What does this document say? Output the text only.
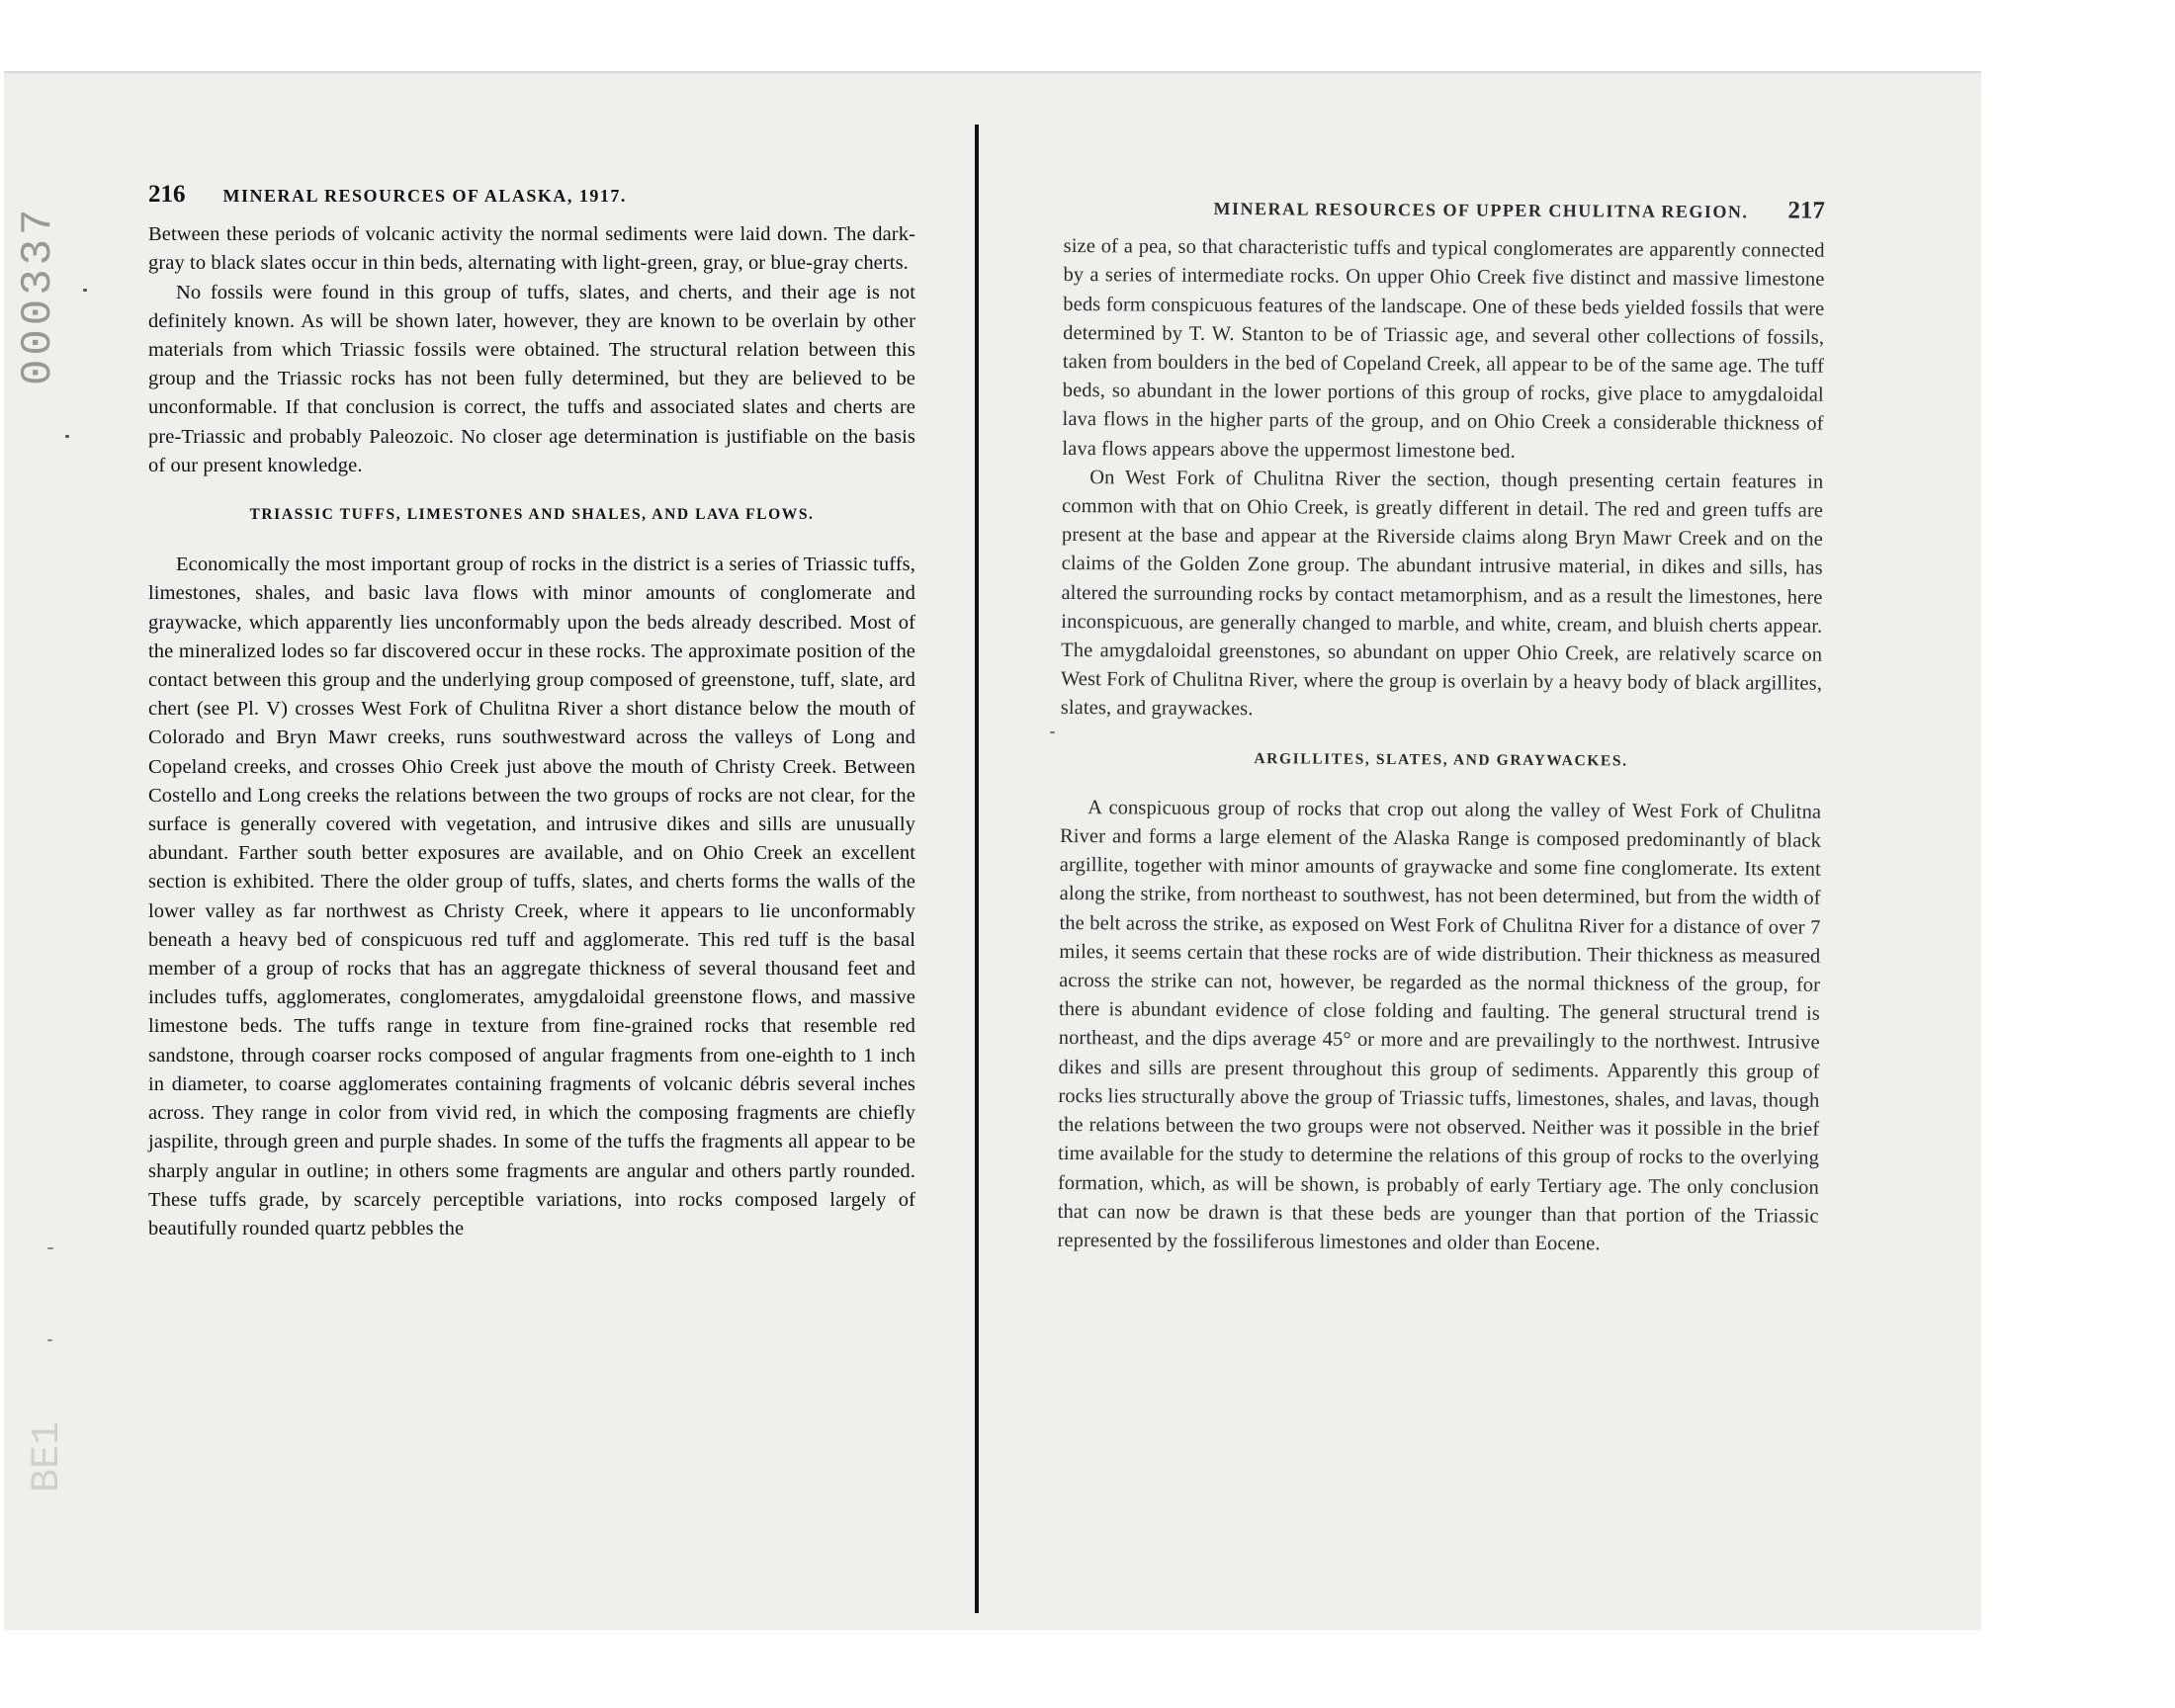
000337
BE1
216 MINERAL RESOURCES OF ALASKA, 1917.

Between these periods of volcanic activity the normal sediments were laid down. The dark-gray to black slates occur in thin beds, alternating with light-green, gray, or blue-gray cherts.

No fossils were found in this group of tuffs, slates, and cherts, and their age is not definitely known. As will be shown later, however, they are known to be overlain by other materials from which Triassic fossils were obtained. The structural relation between this group and the Triassic rocks has not been fully determined, but they are believed to be unconformable. If that conclusion is correct, the tuffs and associated slates and cherts are pre-Triassic and probably Paleozoic. No closer age determination is justifiable on the basis of our present knowledge.

TRIASSIC TUFFS, LIMESTONES AND SHALES, AND LAVA FLOWS.

Economically the most important group of rocks in the district is a series of Triassic tuffs, limestones, shales, and basic lava flows with minor amounts of conglomerate and graywacke, which apparently lies unconformably upon the beds already described. Most of the mineralized lodes so far discovered occur in these rocks. The approximate position of the contact between this group and the underlying group composed of greenstone, tuff, slate, ard chert (see Pl. V) crosses West Fork of Chulitna River a short distance below the mouth of Colorado and Bryn Mawr creeks, runs southwestward across the valleys of Long and Copeland creeks, and crosses Ohio Creek just above the mouth of Christy Creek. Between Costello and Long creeks the relations between the two groups of rocks are not clear, for the surface is generally covered with vegetation, and intrusive dikes and sills are unusually abundant. Farther south better exposures are available, and on Ohio Creek an excellent section is exhibited. There the older group of tuffs, slates, and cherts forms the walls of the lower valley as far northwest as Christy Creek, where it appears to lie unconformably beneath a heavy bed of conspicuous red tuff and agglomerate. This red tuff is the basal member of a group of rocks that has an aggregate thickness of several thousand feet and includes tuffs, agglomerates, conglomerates, amygdaloidal greenstone flows, and massive limestone beds. The tuffs range in texture from fine-grained rocks that resemble red sandstone, through coarser rocks composed of angular fragments from one-eighth to 1 inch in diameter, to coarse agglomerates containing fragments of volcanic débris several inches across. They range in color from vivid red, in which the composing fragments are chiefly jaspilite, through green and purple shades. In some of the tuffs the fragments all appear to be sharply angular in outline; in others some fragments are angular and others partly rounded. These tuffs grade, by scarcely perceptible variations, into rocks composed largely of beautifully rounded quartz pebbles the

MINERAL RESOURCES OF UPPER CHULITNA REGION. 217

size of a pea, so that characteristic tuffs and typical conglomerates are apparently connected by a series of intermediate rocks. On upper Ohio Creek five distinct and massive limestone beds form conspicuous features of the landscape. One of these beds yielded fossils that were determined by T. W. Stanton to be of Triassic age, and several other collections of fossils, taken from boulders in the bed of Copeland Creek, all appear to be of the same age. The tuff beds, so abundant in the lower portions of this group of rocks, give place to amygdaloidal lava flows in the higher parts of the group, and on Ohio Creek a considerable thickness of lava flows appears above the uppermost limestone bed.

On West Fork of Chulitna River the section, though presenting certain features in common with that on Ohio Creek, is greatly different in detail. The red and green tuffs are present at the base and appear at the Riverside claims along Bryn Mawr Creek and on the claims of the Golden Zone group. The abundant intrusive material, in dikes and sills, has altered the surrounding rocks by contact metamorphism, and as a result the limestones, here inconspicuous, are generally changed to marble, and white, cream, and bluish cherts appear. The amygdaloidal greenstones, so abundant on upper Ohio Creek, are relatively scarce on West Fork of Chulitna River, where the group is overlain by a heavy body of black argillites, slates, and graywackes.

ARGILLITES, SLATES, AND GRAYWACKES.

A conspicuous group of rocks that crop out along the valley of West Fork of Chulitna River and forms a large element of the Alaska Range is composed predominantly of black argillite, together with minor amounts of graywacke and some fine conglomerate. Its extent along the strike, from northeast to southwest, has not been determined, but from the width of the belt across the strike, as exposed on West Fork of Chulitna River for a distance of over 7 miles, it seems certain that these rocks are of wide distribution. Their thickness as measured across the strike can not, however, be regarded as the normal thickness of the group, for there is abundant evidence of close folding and faulting. The general structural trend is northeast, and the dips average 45° or more and are prevailingly to the northwest. Intrusive dikes and sills are present throughout this group of sediments. Apparently this group of rocks lies structurally above the group of Triassic tuffs, limestones, shales, and lavas, though the relations between the two groups were not observed. Neither was it possible in the brief time available for the study to determine the relations of this group of rocks to the overlying formation, which, as will be shown, is probably of early Tertiary age. The only conclusion that can now be drawn is that these beds are younger than that portion of the Triassic represented by the fossiliferous limestones and older than Eocene.
